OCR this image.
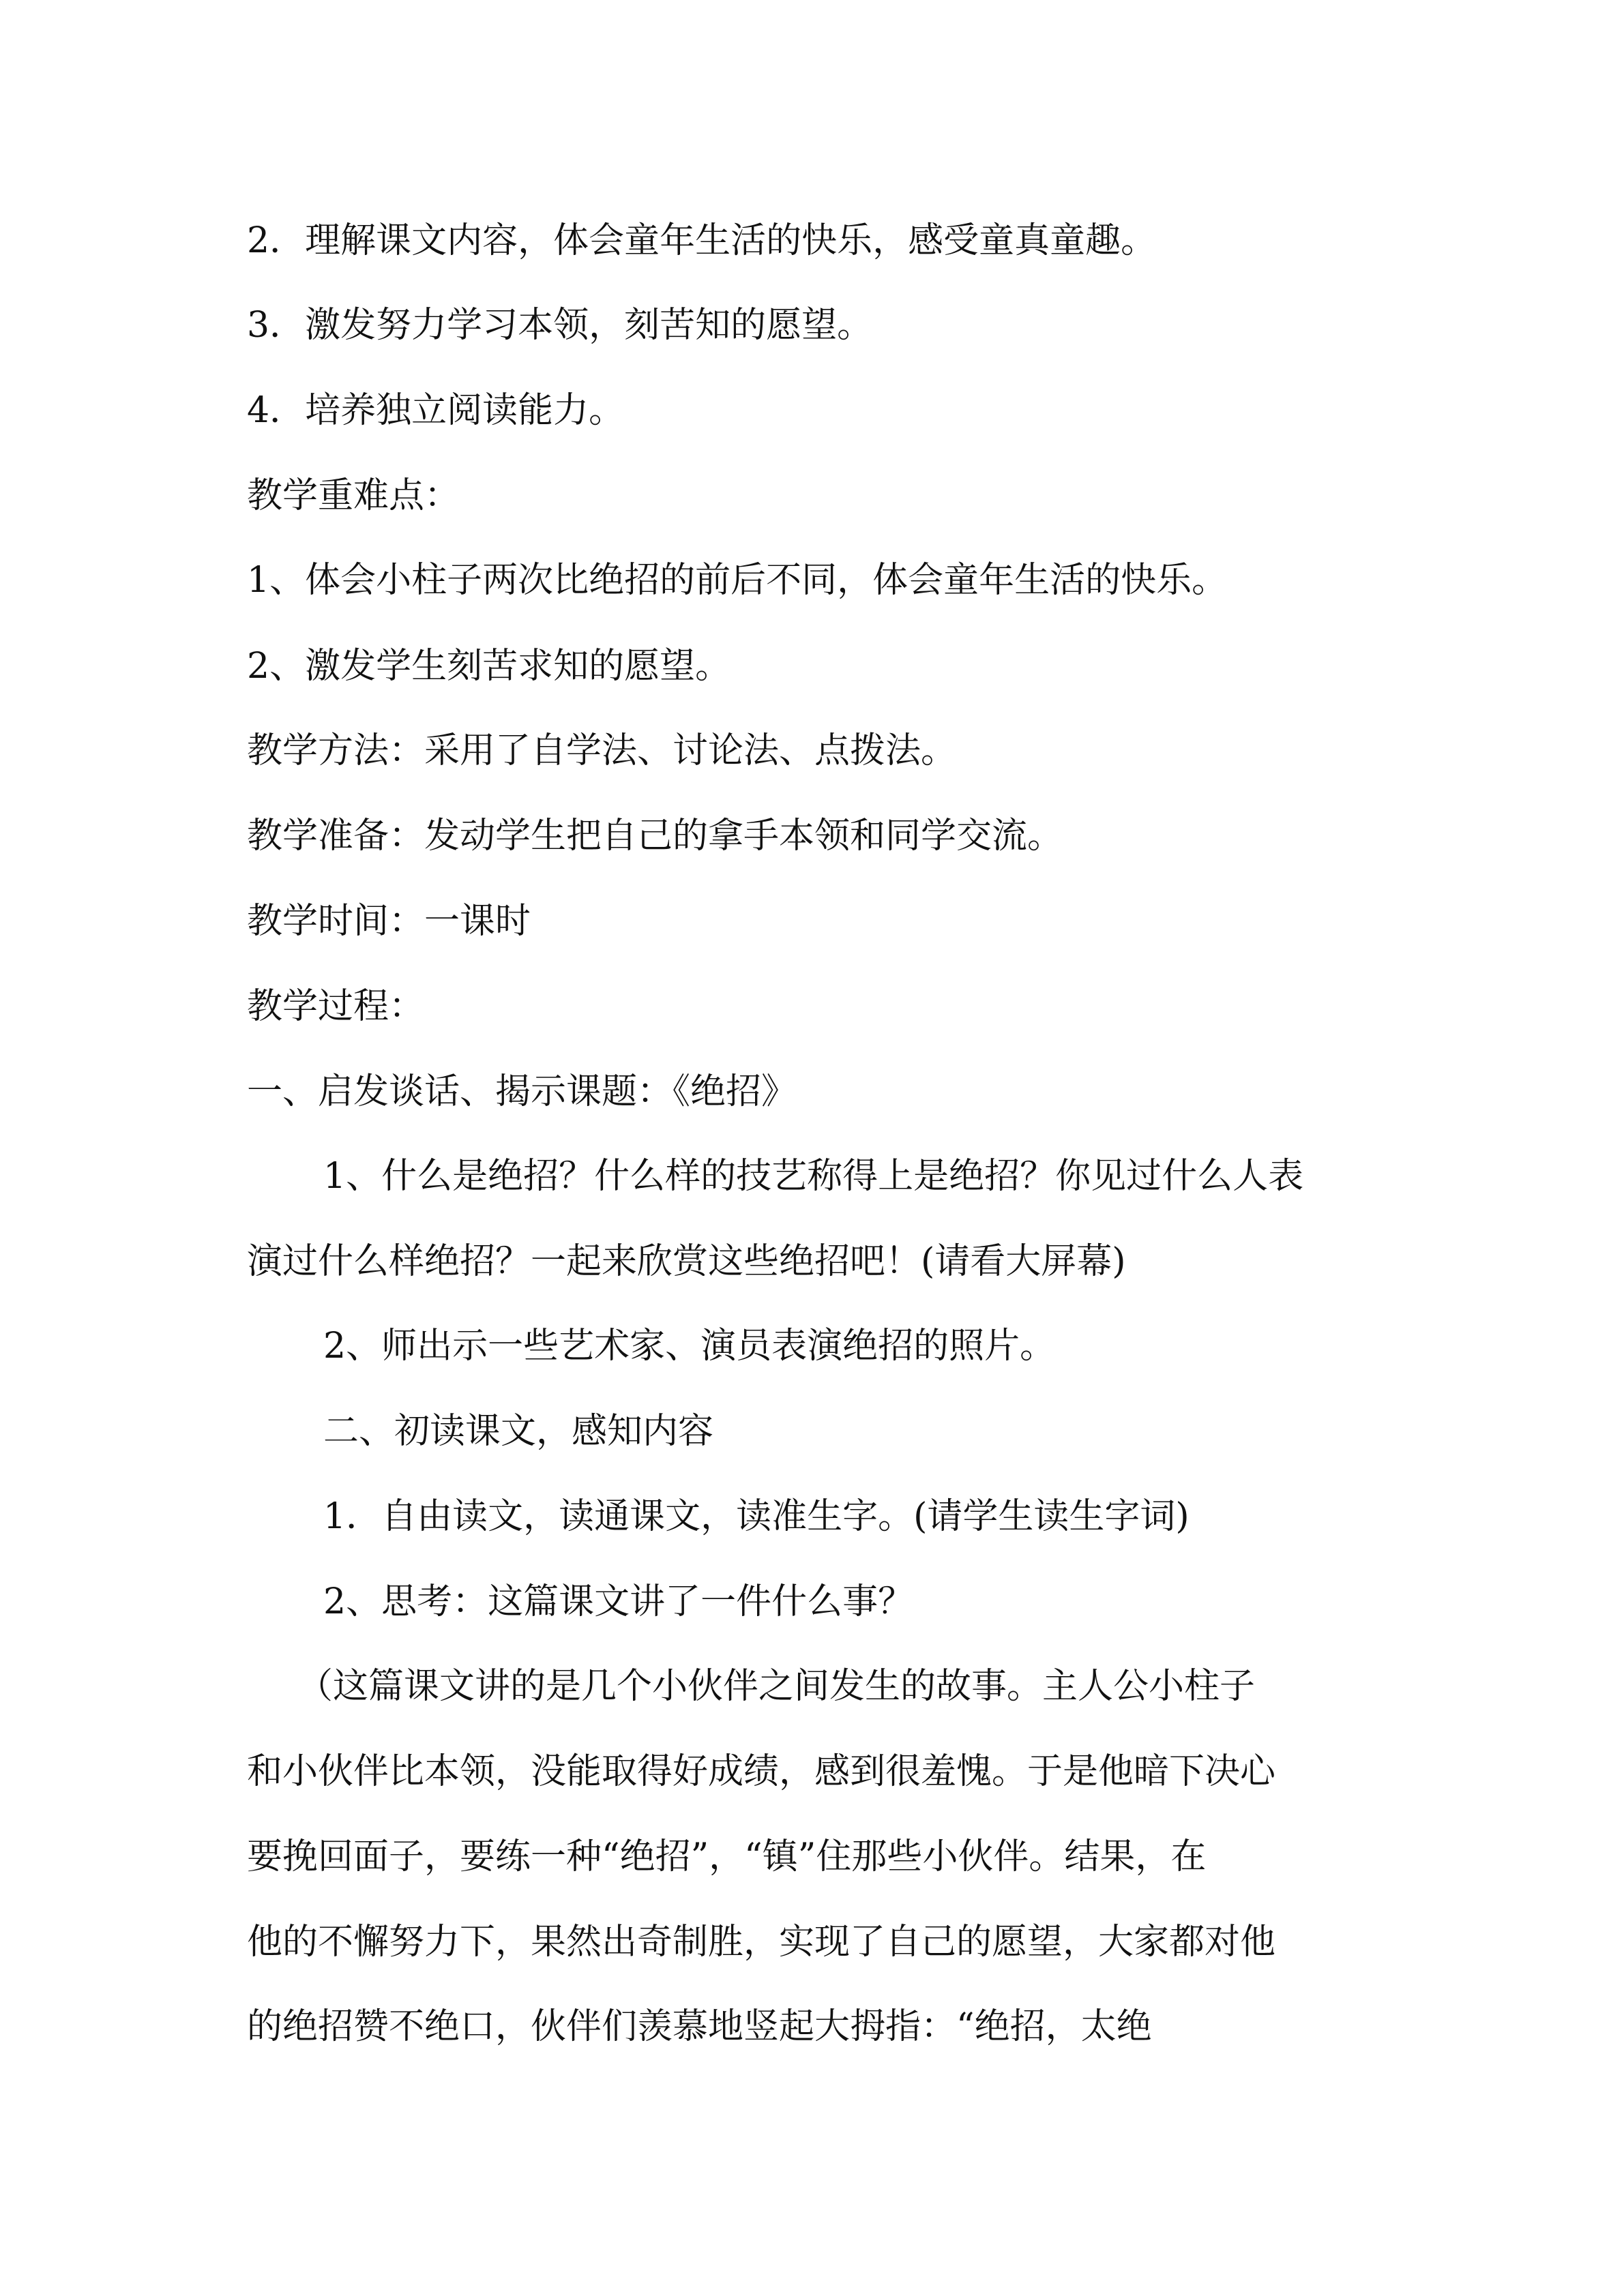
2．理解课文内容，体会童年生活的快乐，感受童真童趣。

3．激发努力学习本领，刻苦知的愿望。

4．培养独立阅读能力。

教学重难点：

1、体会小柱子两次比绝招的前后不同，体会童年生活的快乐。

2、激发学生刻苦求知的愿望。

教学方法：采用了自学法、讨论法、点拨法。

教学准备：发动学生把自己的拿手本领和同学交流。

教学时间：一课时

教学过程：

一、启发谈话、揭示课题：《绝招》

1、什么是绝招？什么样的技艺称得上是绝招？你见过什么人表

演过什么样绝招？一起来欣赏这些绝招吧！(请看大屏幕)

2、师出示一些艺术家、演员表演绝招的照片。

二、初读课文，感知内容

1．自由读文，读通课文，读准生字。(请学生读生字词)

2、思考：这篇课文讲了一件什么事？

（这篇课文讲的是几个小伙伴之间发生的故事。主人公小柱子

和小伙伴比本领，没能取得好成绩，感到很羞愧。于是他暗下决心

要挽回面子，要练一种“绝招”，“镇”住那些小伙伴。结果，在

他的不懈努力下，果然出奇制胜，实现了自己的愿望，大家都对他

的绝招赞不绝口，伙伴们羡慕地竖起大拇指：“绝招，太绝
